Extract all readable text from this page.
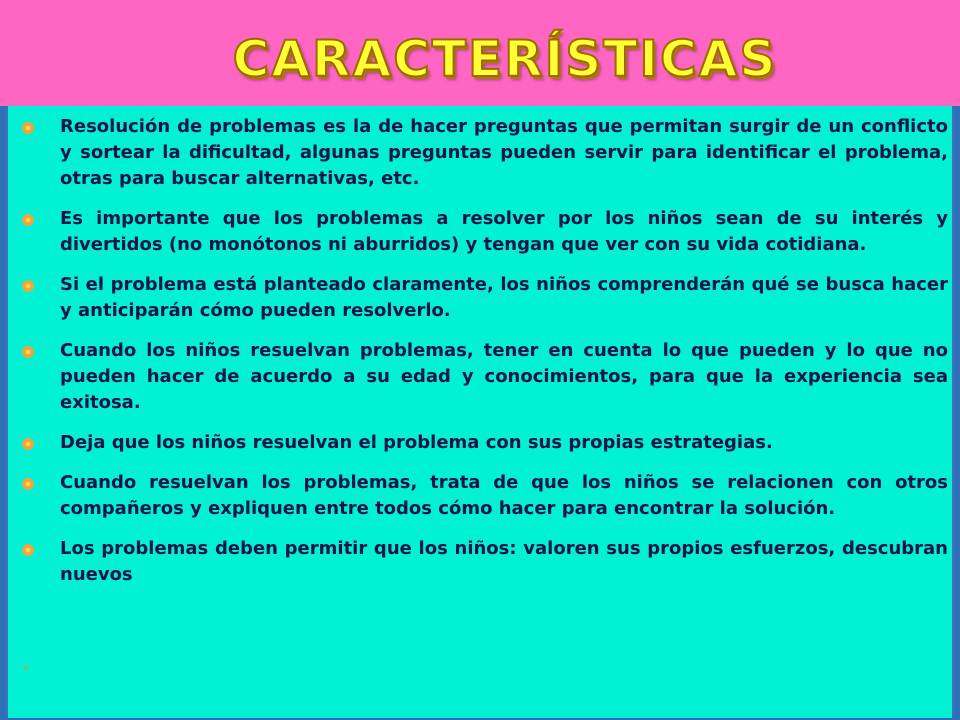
CARACTERÍSTICAS
Resolución de problemas es la de hacer preguntas que permitan surgir de un conflicto y sortear la dificultad, algunas preguntas pueden servir para identificar el problema, otras para buscar alternativas, etc.
Es importante que los problemas a resolver por los niños sean de su interés y divertidos (no monótonos ni aburridos) y tengan que ver con su vida cotidiana.
Si el problema está planteado claramente, los niños comprenderán qué se busca hacer y anticiparán cómo pueden resolverlo.
Cuando los niños resuelvan problemas, tener en cuenta lo que pueden y lo que no pueden hacer de acuerdo a su edad y conocimientos, para que la experiencia sea exitosa.
Deja que los niños resuelvan el problema con sus propias estrategias.
Cuando resuelvan los problemas, trata de que los niños se relacionen con otros compañeros y expliquen entre todos cómo hacer para encontrar la solución.
Los problemas deben permitir que los niños: valoren sus propios esfuerzos, descubran nuevos
